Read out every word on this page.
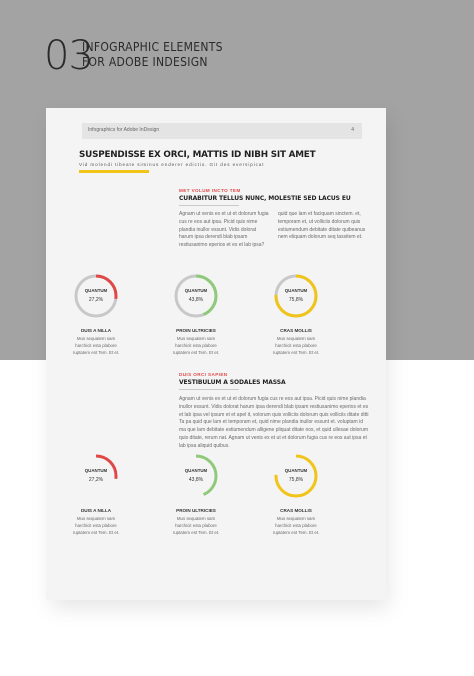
03
INFOGRAPHIC ELEMENTS
FOR ADOBE INDESIGN
Infographics for Adobe InDesign	4
SUSPENDISSE EX ORCI, MATTIS ID NIBH SIT AMET
Vid molendi tibeate siminus enderer edictio. Git des eversipicat
MET VOLUM INCTO TEM
CURABITUR TELLUS NUNC, MOLESTIE SED LACUS EU
Agnam ut venis ex et ut et dolorum fugia cus re eos aut ipsa. Picid quis nime plandia inullor essunt. Vidis dolorat harum ipsa derendi blab ipsam restiusanimo eperios et es et lab ipsa?
quid que lam et faciquam sinctem. et, temporam et, ut volliciis dolorum quis estiumendum debitate ditate quibeanus nem eliquam dolorum seq tassitem et.
QUANTUM
27,2%
DUIS A NILLA
Mus sequatem sam
harchicit esta plabore
ruptatem est Tem. Et et.
QUANTUM
43,8%
PROIN ULTRICIES
Mus sequatem sam
harchicit esta plabore
ruptatem est Tem. Et et.
QUANTUM
75,8%
CRAS MOLLIS
Mus sequatem sam
harchicit esta plabore
ruptatem est Tem. Et et.
DUIS ORCI SAPIEN
VESTIBULUM A SODALES MASSA
Agnam ut venis ex et ut et dolorum fugia cus re eos aut ipsa. Picid quis nime plandia inullor essunt. Vidis dolorat harum ipsa derendi blab ipsam restiusanimo eperios et es et lab ipsa vel ipsum et et apel it, volorum quis volliciis dolorum quis volliciis ditate ditti Ta pa quid que lam et temporam et, quid nime plandia inullor essunt et. voluptam id ma que lam debitate estiumendum alligene pliquat ditate nos, et quid ullesae dolorum quis ditate, rerum nat. Agnam ut venis ex et ut et dolorum fugia cus re eos aut ipsa et lab ipsa aliquid quibus.
QUANTUM
27,2%
DUIS A NILLA
Mus sequatem sam
harchicit esta plabore
ruptatem est Tem. Et et.
QUANTUM
43,8%
PROIN ULTRICIES
Mus sequatem sam
harchicit esta plabore
ruptatem est Tem. Et et.
QUANTUM
75,8%
CRAS MOLLIS
Mus sequatem sam
harchicit esta plabore
ruptatem est Tem. Et et.
